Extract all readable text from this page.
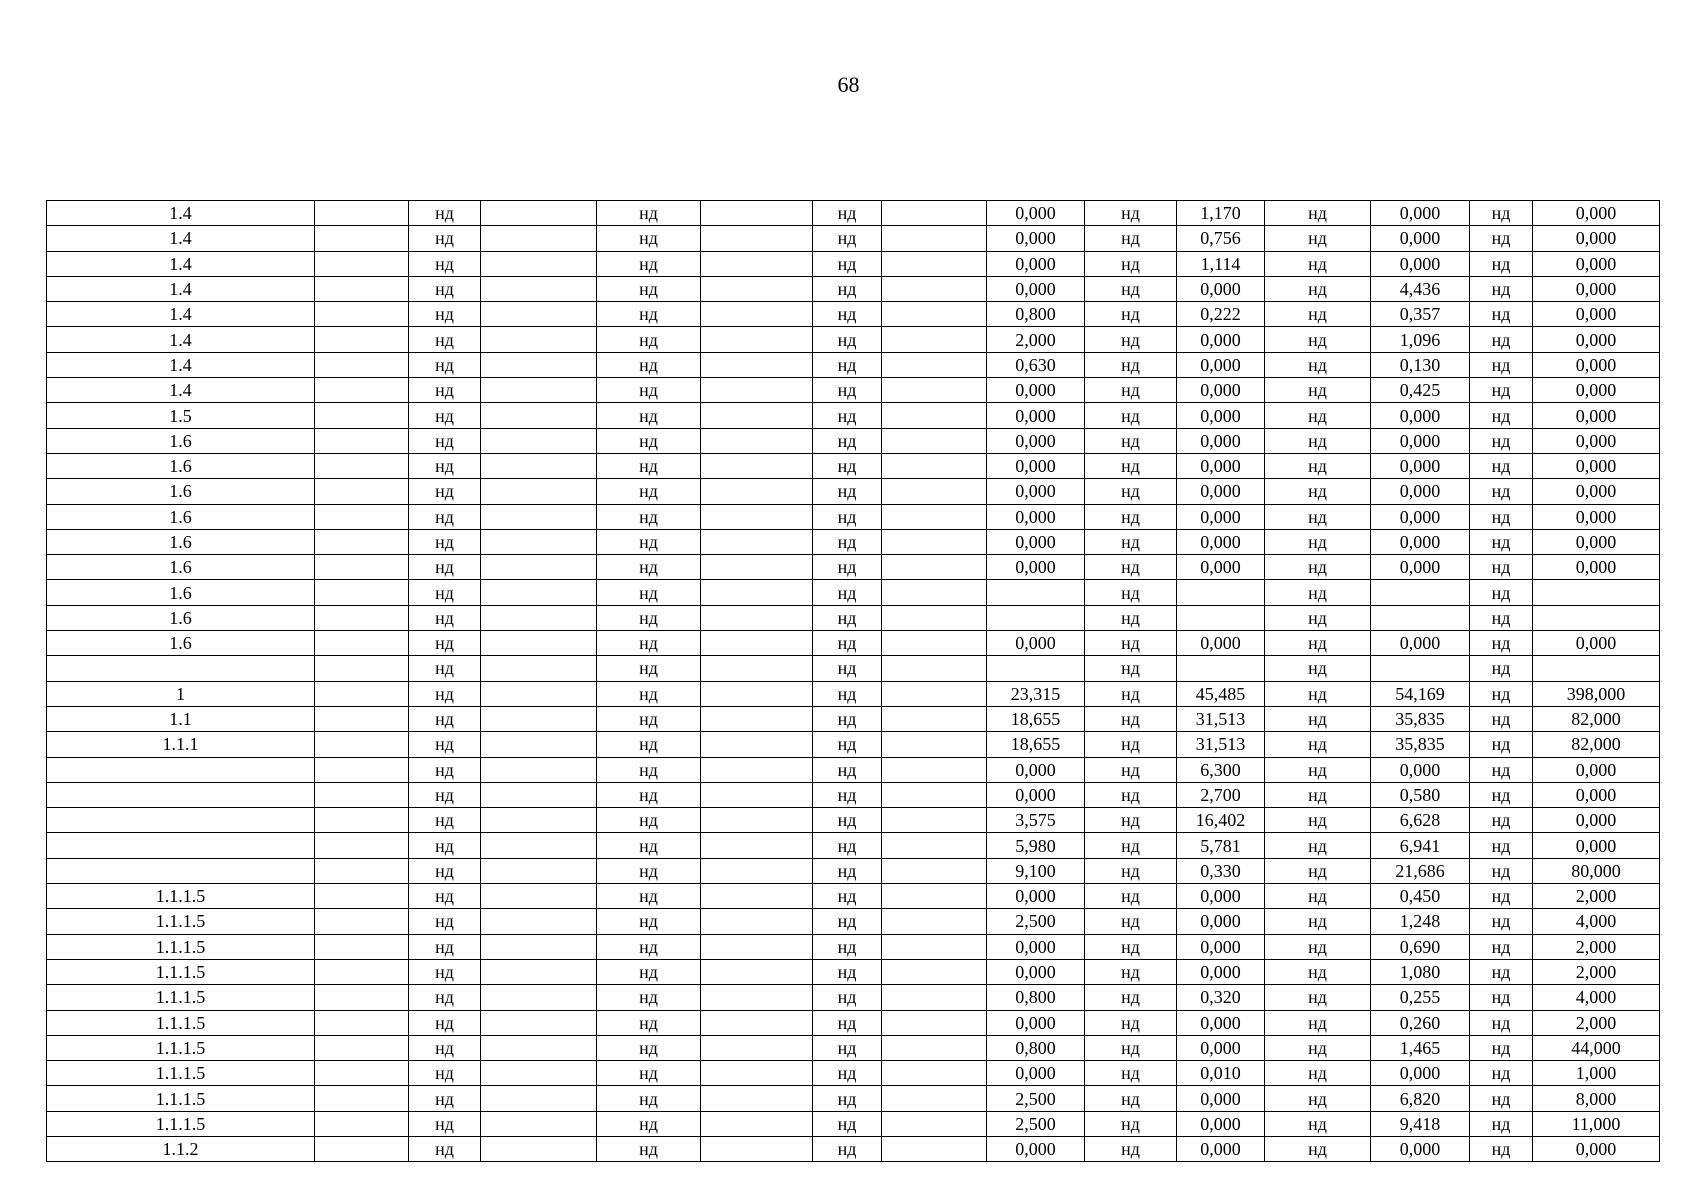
68
1.4		нд		нд		нд		0,000	нд	1,170	нд	0,000	нд	0,000
1.4		нд		нд		нд		0,000	нд	0,756	нд	0,000	нд	0,000
1.4		нд		нд		нд		0,000	нд	1,114	нд	0,000	нд	0,000
1.4		нд		нд		нд		0,000	нд	0,000	нд	4,436	нд	0,000
1.4		нд		нд		нд		0,800	нд	0,222	нд	0,357	нд	0,000
1.4		нд		нд		нд		2,000	нд	0,000	нд	1,096	нд	0,000
1.4		нд		нд		нд		0,630	нд	0,000	нд	0,130	нд	0,000
1.4		нд		нд		нд		0,000	нд	0,000	нд	0,425	нд	0,000
1.5		нд		нд		нд		0,000	нд	0,000	нд	0,000	нд	0,000
1.6		нд		нд		нд		0,000	нд	0,000	нд	0,000	нд	0,000
1.6		нд		нд		нд		0,000	нд	0,000	нд	0,000	нд	0,000
1.6		нд		нд		нд		0,000	нд	0,000	нд	0,000	нд	0,000
1.6		нд		нд		нд		0,000	нд	0,000	нд	0,000	нд	0,000
1.6		нд		нд		нд		0,000	нд	0,000	нд	0,000	нд	0,000
1.6		нд		нд		нд		0,000	нд	0,000	нд	0,000	нд	0,000
1.6		нд		нд		нд			нд		нд		нд	
1.6		нд		нд		нд			нд		нд		нд	
1.6		нд		нд		нд		0,000	нд	0,000	нд	0,000	нд	0,000
		нд		нд		нд			нд		нд		нд	
1		нд		нд		нд		23,315	нд	45,485	нд	54,169	нд	398,000
1.1		нд		нд		нд		18,655	нд	31,513	нд	35,835	нд	82,000
1.1.1		нд		нд		нд		18,655	нд	31,513	нд	35,835	нд	82,000
		нд		нд		нд		0,000	нд	6,300	нд	0,000	нд	0,000
		нд		нд		нд		0,000	нд	2,700	нд	0,580	нд	0,000
		нд		нд		нд		3,575	нд	16,402	нд	6,628	нд	0,000
		нд		нд		нд		5,980	нд	5,781	нд	6,941	нд	0,000
		нд		нд		нд		9,100	нд	0,330	нд	21,686	нд	80,000
1.1.1.5		нд		нд		нд		0,000	нд	0,000	нд	0,450	нд	2,000
1.1.1.5		нд		нд		нд		2,500	нд	0,000	нд	1,248	нд	4,000
1.1.1.5		нд		нд		нд		0,000	нд	0,000	нд	0,690	нд	2,000
1.1.1.5		нд		нд		нд		0,000	нд	0,000	нд	1,080	нд	2,000
1.1.1.5		нд		нд		нд		0,800	нд	0,320	нд	0,255	нд	4,000
1.1.1.5		нд		нд		нд		0,000	нд	0,000	нд	0,260	нд	2,000
1.1.1.5		нд		нд		нд		0,800	нд	0,000	нд	1,465	нд	44,000
1.1.1.5		нд		нд		нд		0,000	нд	0,010	нд	0,000	нд	1,000
1.1.1.5		нд		нд		нд		2,500	нд	0,000	нд	6,820	нд	8,000
1.1.1.5		нд		нд		нд		2,500	нд	0,000	нд	9,418	нд	11,000
1.1.2		нд		нд		нд		0,000	нд	0,000	нд	0,000	нд	0,000
